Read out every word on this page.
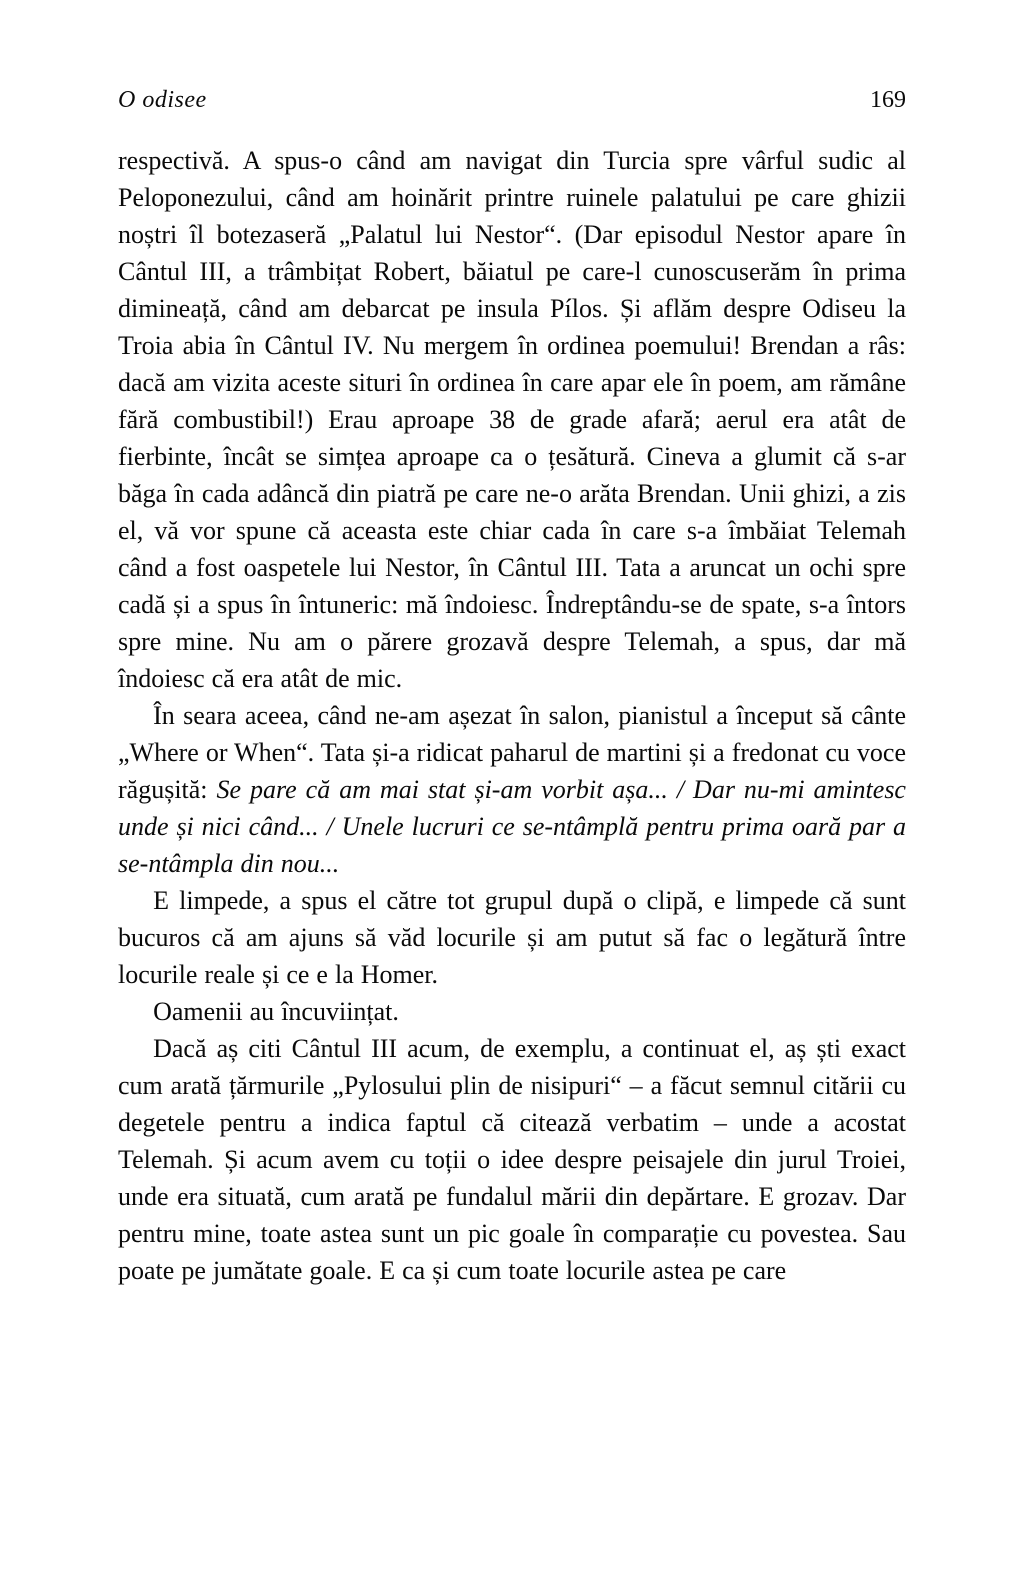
O odisee	169

respectivă. A spus-o când am navigat din Turcia spre vârful sudic al Peloponezului, când am hoinărit printre ruinele palatului pe care ghizii noștri îl botezaseră „Palatul lui Nestor“. (Dar episodul Nestor apare în Cântul III, a trâmbițat Robert, băiatul pe care-l cunoscuserăm în prima dimineață, când am debarcat pe insula Pílos. Și aflăm despre Odiseu la Troia abia în Cântul IV. Nu mergem în ordinea poemului! Brendan a râs: dacă am vizita aceste situri în ordinea în care apar ele în poem, am rămâne fără combustibil!) Erau aproape 38 de grade afară; aerul era atât de fierbinte, încât se simțea aproape ca o țesătură. Cineva a glumit că s-ar băga în cada adâncă din piatră pe care ne-o arăta Brendan. Unii ghizi, a zis el, vă vor spune că aceasta este chiar cada în care s-a îmbăiat Telemah când a fost oaspetele lui Nestor, în Cântul III. Tata a aruncat un ochi spre cadă și a spus în întuneric: mă îndoiesc. Îndreptându-se de spate, s-a întors spre mine. Nu am o părere grozavă despre Telemah, a spus, dar mă îndoiesc că era atât de mic.

În seara aceea, când ne-am așezat în salon, pianistul a început să cânte „Where or When“. Tata și-a ridicat paharul de martini și a fredonat cu voce răgușită: Se pare că am mai stat și-am vorbit așa... / Dar nu-mi amintesc unde și nici când... / Unele lucruri ce se-ntâmplă pentru prima oară par a se-ntâmpla din nou...

E limpede, a spus el către tot grupul după o clipă, e limpede că sunt bucuros că am ajuns să văd locurile și am putut să fac o legătură între locurile reale și ce e la Homer.

Oamenii au încuviințat.

Dacă aș citi Cântul III acum, de exemplu, a continuat el, aș ști exact cum arată țărmurile „Pylosului plin de nisipuri“ – a făcut semnul citării cu degetele pentru a indica faptul că citează verbatim – unde a acostat Telemah. Și acum avem cu toții o idee despre peisajele din jurul Troiei, unde era situată, cum arată pe fundalul mării din depărtare. E grozav. Dar pentru mine, toate astea sunt un pic goale în comparație cu povestea. Sau poate pe jumătate goale. E ca și cum toate locurile astea pe care
